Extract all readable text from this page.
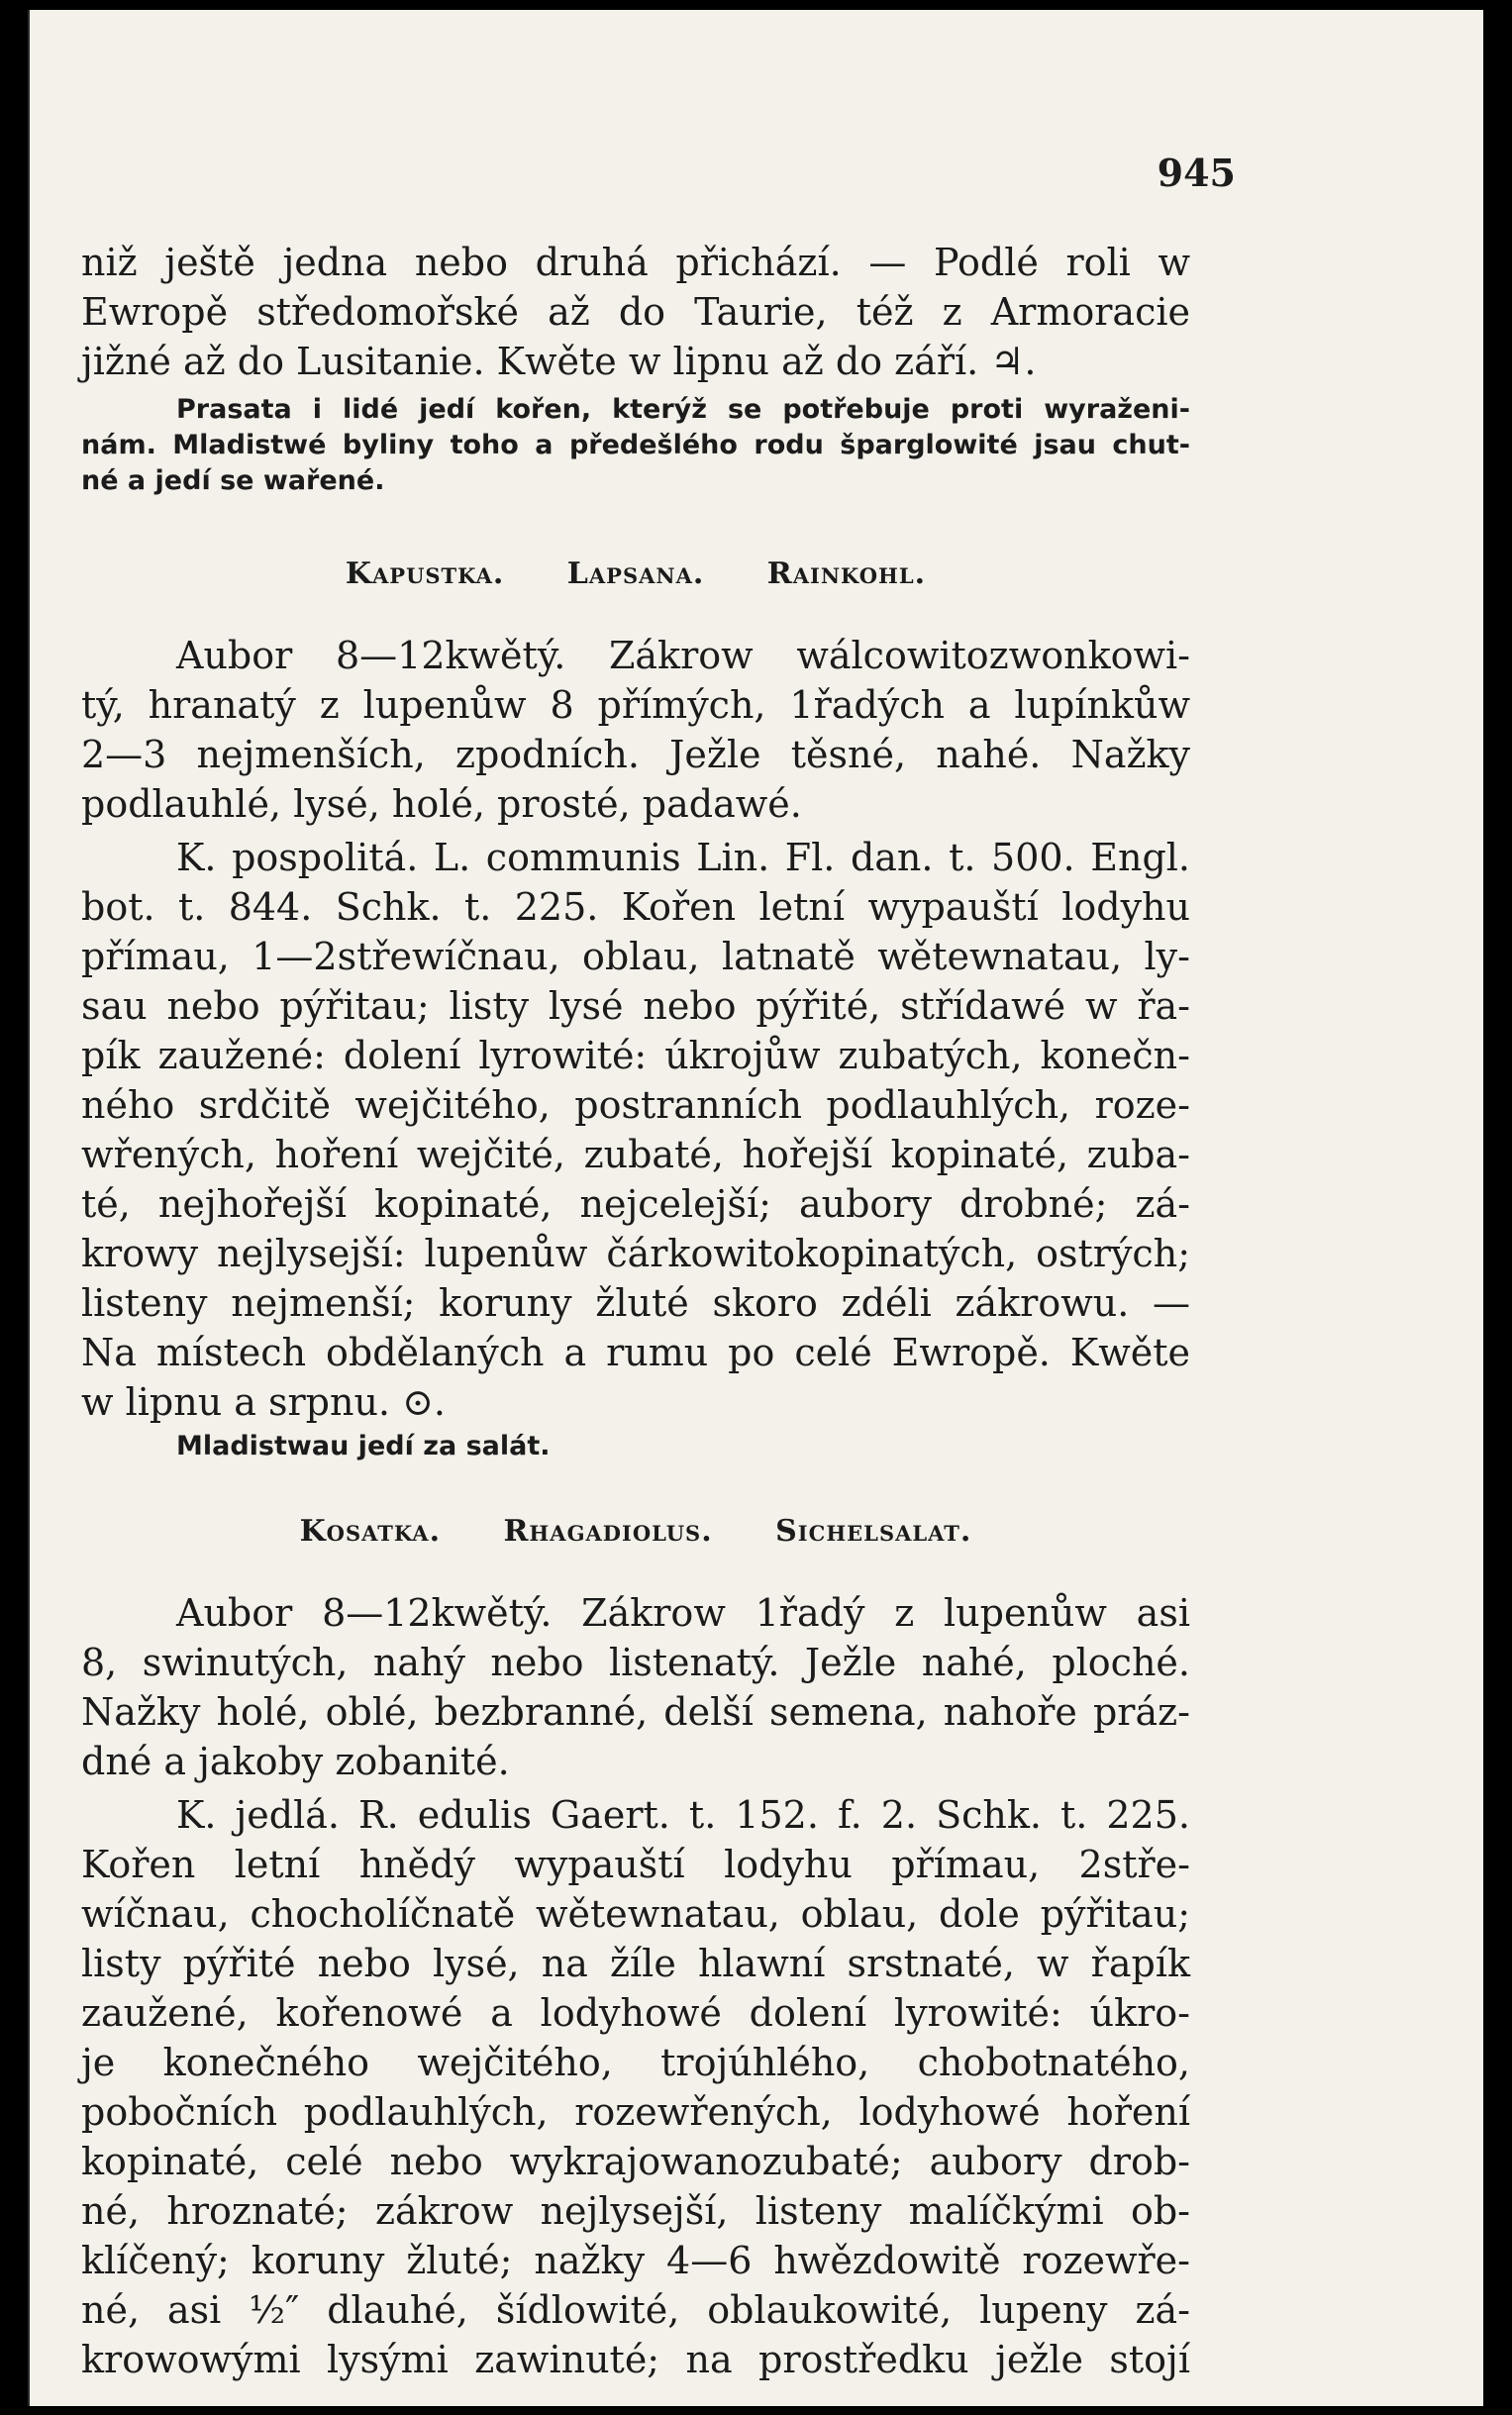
945

niž ještě jedna nebo druhá přichází. — Podlé roli w
Ewropě středomořské až do Taurie, též z Armoracie
jižné až do Lusitanie. Kwěte w lipnu až do září. ♃.

Prasata i lidé jedí kořen, kterýž se potřebuje proti wyraženi-
nám. Mladistwé byliny toho a předešlého rodu šparglowité jsau chut-
né a jedí se wařené.

Kapustka. Lapsana. Rainkohl.

Aubor 8—12kwětý. Zákrow wálcowitozwonkowi-
tý, hranatý z lupenůw 8 přímých, 1řadých a lupínkůw
2—3 nejmenších, zpodních. Ježle těsné, nahé. Nažky
podlauhlé, lysé, holé, prosté, padawé.

K. pospolitá. L. communis Lin. Fl. dan. t. 500. Engl.
bot. t. 844. Schk. t. 225. Kořen letní wypauští lodyhu
přímau, 1—2střewíčnau, oblau, latnatě wětewnatau, ly-
sau nebo pýřitau; listy lysé nebo pýřité, střídawé w řa-
pík zaužené: dolení lyrowité: úkrojůw zubatých, konečn-
ného srdčitě wejčitého, postranních podlauhlých, roze-
wřených, hoření wejčité, zubaté, hořejší kopinaté, zuba-
té, nejhořejší kopinaté, nejcelejší; aubory drobné; zá-
krowy nejlysejší: lupenůw čárkowitokopinatých, ostrých;
listeny nejmenší; koruny žluté skoro zdéli zákrowu. —
Na místech obdělaných a rumu po celé Ewropě. Kwěte
w lipnu a srpnu. ⊙.

Mladistwau jedí za salát.

Kosatka. Rhagadiolus. Sichelsalat.

Aubor 8—12kwětý. Zákrow 1řadý z lupenůw asi
8, swinutých, nahý nebo listenatý. Ježle nahé, ploché.
Nažky holé, oblé, bezbranné, delší semena, nahoře práz-
dné a jakoby zobanité.

K. jedlá. R. edulis Gaert. t. 152. f. 2. Schk. t. 225.
Kořen letní hnědý wypauští lodyhu přímau, 2stře-
wíčnau, chocholíčnatě wětewnatau, oblau, dole pýřitau;
listy pýřité nebo lysé, na žíle hlawní srstnaté, w řapík
zaužené, kořenowé a lodyhowé dolení lyrowité: úkro-
je konečného wejčitého, trojúhlého, chobotnatého,
pobočních podlauhlých, rozewřených, lodyhowé hoření
kopinaté, celé nebo wykrajowanozubaté; aubory drob-
né, hroznaté; zákrow nejlysejší, listeny malíčkými ob-
klíčený; koruny žluté; nažky 4—6 hwězdowitě rozewře-
né, asi ½″ dlauhé, šídlowité, oblaukowité, lupeny zá-
krowowými lysými zawinuté; na prostředku ježle stojí
